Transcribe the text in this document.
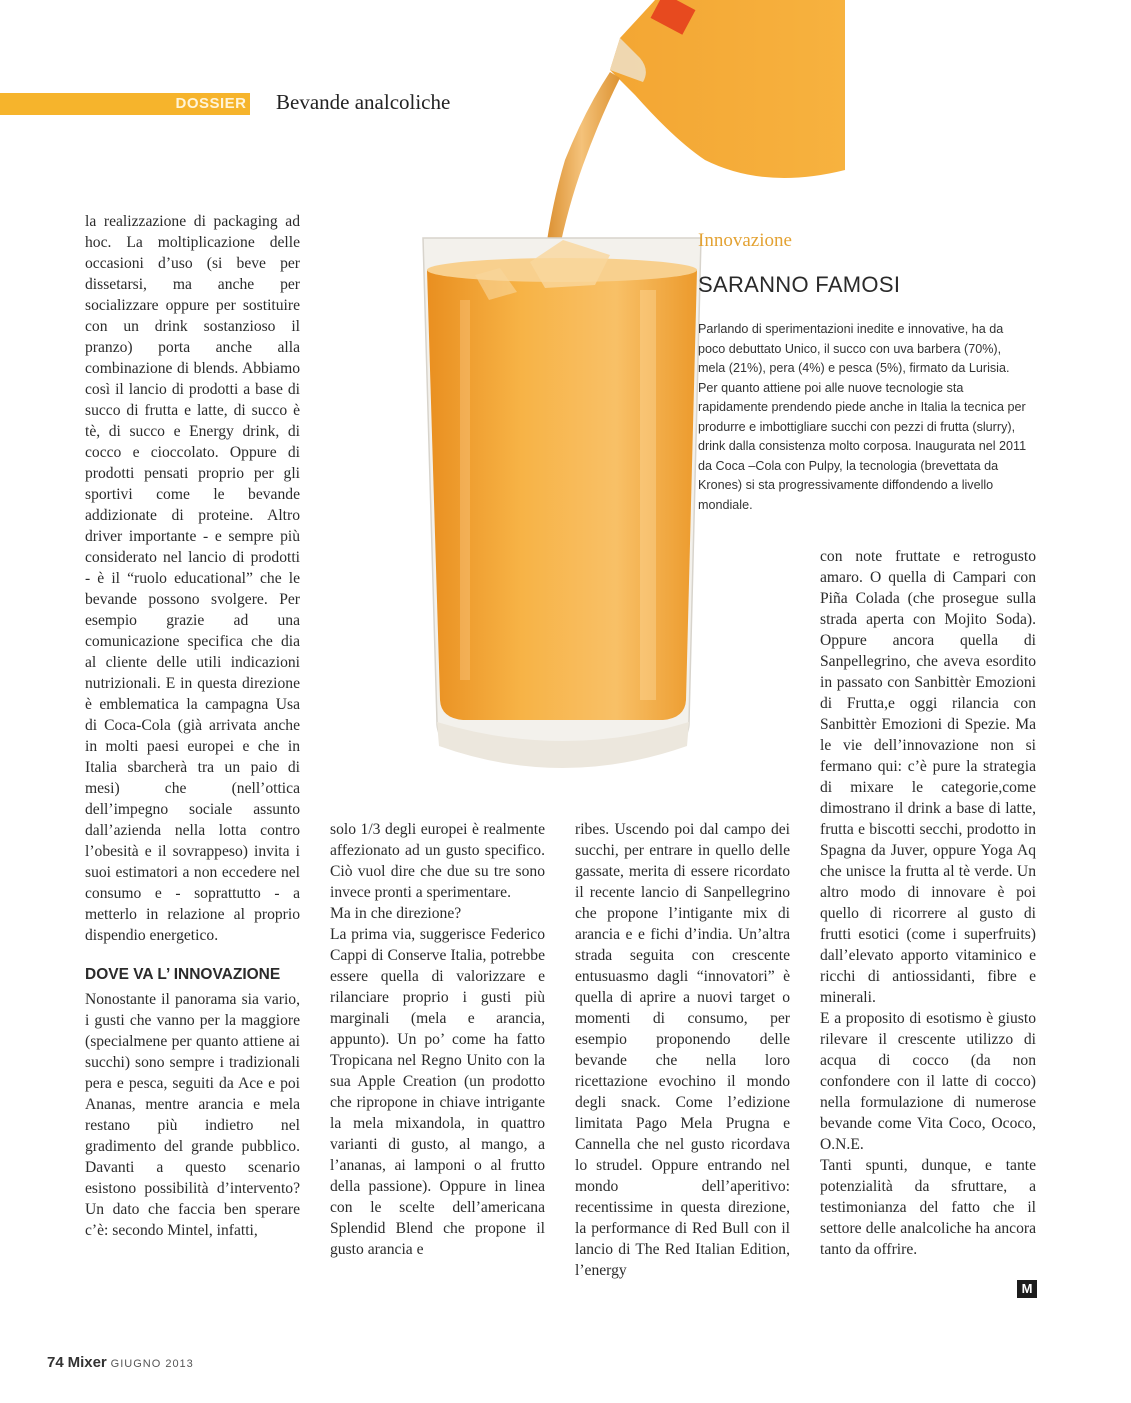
DOSSIER Bevande analcoliche
Innovazione
SARANNO FAMOSI
Parlando di sperimentazioni inedite e innovative, ha da poco debuttato Unico, il succo con uva barbera (70%), mela (21%), pera (4%) e pesca (5%), firmato da Lurisia. Per quanto attiene poi alle nuove tecnologie sta rapidamente prendendo piede anche in Italia la tecnica per produrre e imbottigliare succhi con pezzi di frutta (slurry), drink dalla consistenza molto corposa. Inaugurata nel 2011 da Coca –Cola con Pulpy, la tecnologia (brevettata da Krones) si sta progressivamente diffondendo a livello mondiale.

la realizzazione di packaging ad hoc. La moltiplicazione delle occasioni d’uso (si beve per dissetarsi, ma anche per socializzare oppure per sostituire con un drink sostanzioso il pranzo) porta anche alla combinazione di blends. Abbiamo così il lancio di prodotti a base di succo di frutta e latte, di succo è tè, di succo e Energy drink, di cocco e cioccolato. Oppure di prodotti pensati proprio per gli sportivi come le bevande addizionate di proteine. Altro driver importante - e sempre più considerato nel lancio di prodotti - è il “ruolo educational” che le bevande possono svolgere. Per esempio grazie ad una comunicazione specifica che dia al cliente delle utili indicazioni nutrizionali. E in questa direzione è emblematica la campagna Usa di Coca-Cola (già arrivata anche in molti paesi europei e che in Italia sbarcherà tra un paio di mesi) che (nell’ottica dell’impegno sociale assunto dall’azienda nella lotta contro l’obesità e il sovrappeso) invita i suoi estimatori a non eccedere nel consumo e - soprattutto - a metterlo in relazione al proprio dispendio energetico.

DOVE VA L’ INNOVAZIONE

Nonostante il panorama sia vario, i gusti che vanno per la maggiore (specialmene per quanto attiene ai succhi) sono sempre i tradizionali pera e pesca, seguiti da Ace e poi Ananas, mentre arancia e mela restano più indietro nel gradimento del grande pubblico. Davanti a questo scenario esistono possibilità d’intervento? Un dato che faccia ben sperare c’è: secondo Mintel, infatti,

solo 1/3 degli europei è realmente affezionato ad un gusto specifico. Ciò vuol dire che due su tre sono invece pronti a sperimentare.

Ma in che direzione?

La prima via, suggerisce Federico Cappi di Conserve Italia, potrebbe essere quella di valorizzare e rilanciare proprio i gusti più marginali (mela e arancia, appunto). Un po’ come ha fatto Tropicana nel Regno Unito con la sua Apple Creation (un prodotto che ripropone in chiave intrigante la mela mixandola, in quattro varianti di gusto, al mango, a l’ananas, ai lamponi o al frutto della passione). Oppure in linea con le scelte dell’americana Splendid Blend che propone il gusto arancia e

ribes. Uscendo poi dal campo dei succhi, per entrare in quello delle gassate, merita di essere ricordato il recente lancio di Sanpellegrino che propone l’intigante mix di arancia e e fichi d’india. Un’altra strada seguita con crescente entusuasmo dagli “innovatori” è quella di aprire a nuovi target o momenti di consumo, per esempio proponendo delle bevande che nella loro ricettazione evochino il mondo degli snack. Come l’edizione limitata Pago Mela Prugna e Cannella che nel gusto ricordava lo strudel. Oppure entrando nel mondo dell’aperitivo: recentissime in questa direzione, la performance di Red Bull con il lancio di The Red Italian Edition, l’energy

con note fruttate e retrogusto amaro. O quella di Campari con Piña Colada (che prosegue sulla strada aperta con Mojito Soda). Oppure ancora quella di Sanpellegrino, che aveva esordito in passato con Sanbittèr Emozioni di Frutta,e oggi rilancia con Sanbittèr Emozioni di Spezie. Ma le vie dell’innovazione non si fermano qui: c’è pure la strategia di mixare le categorie,come dimostrano il drink a base di latte, frutta e biscotti secchi, prodotto in Spagna da Juver, oppure Yoga Aq che unisce la frutta al tè verde. Un altro modo di innovare è poi quello di ricorrere al gusto di frutti esotici (come i superfruits) dall’elevato apporto vitaminico e ricchi di antiossidanti, fibre e minerali.

E a proposito di esotismo è giusto rilevare il crescente utilizzo di acqua di cocco (da non confondere con il latte di cocco) nella formulazione di numerose bevande come Vita Coco, Ococo, O.N.E.

Tanti spunti, dunque, e tante potenzialità da sfruttare, a testimonianza del fatto che il settore delle analcoliche ha ancora tanto da offrire.

M
74 Mixer GIUGNO 2013
